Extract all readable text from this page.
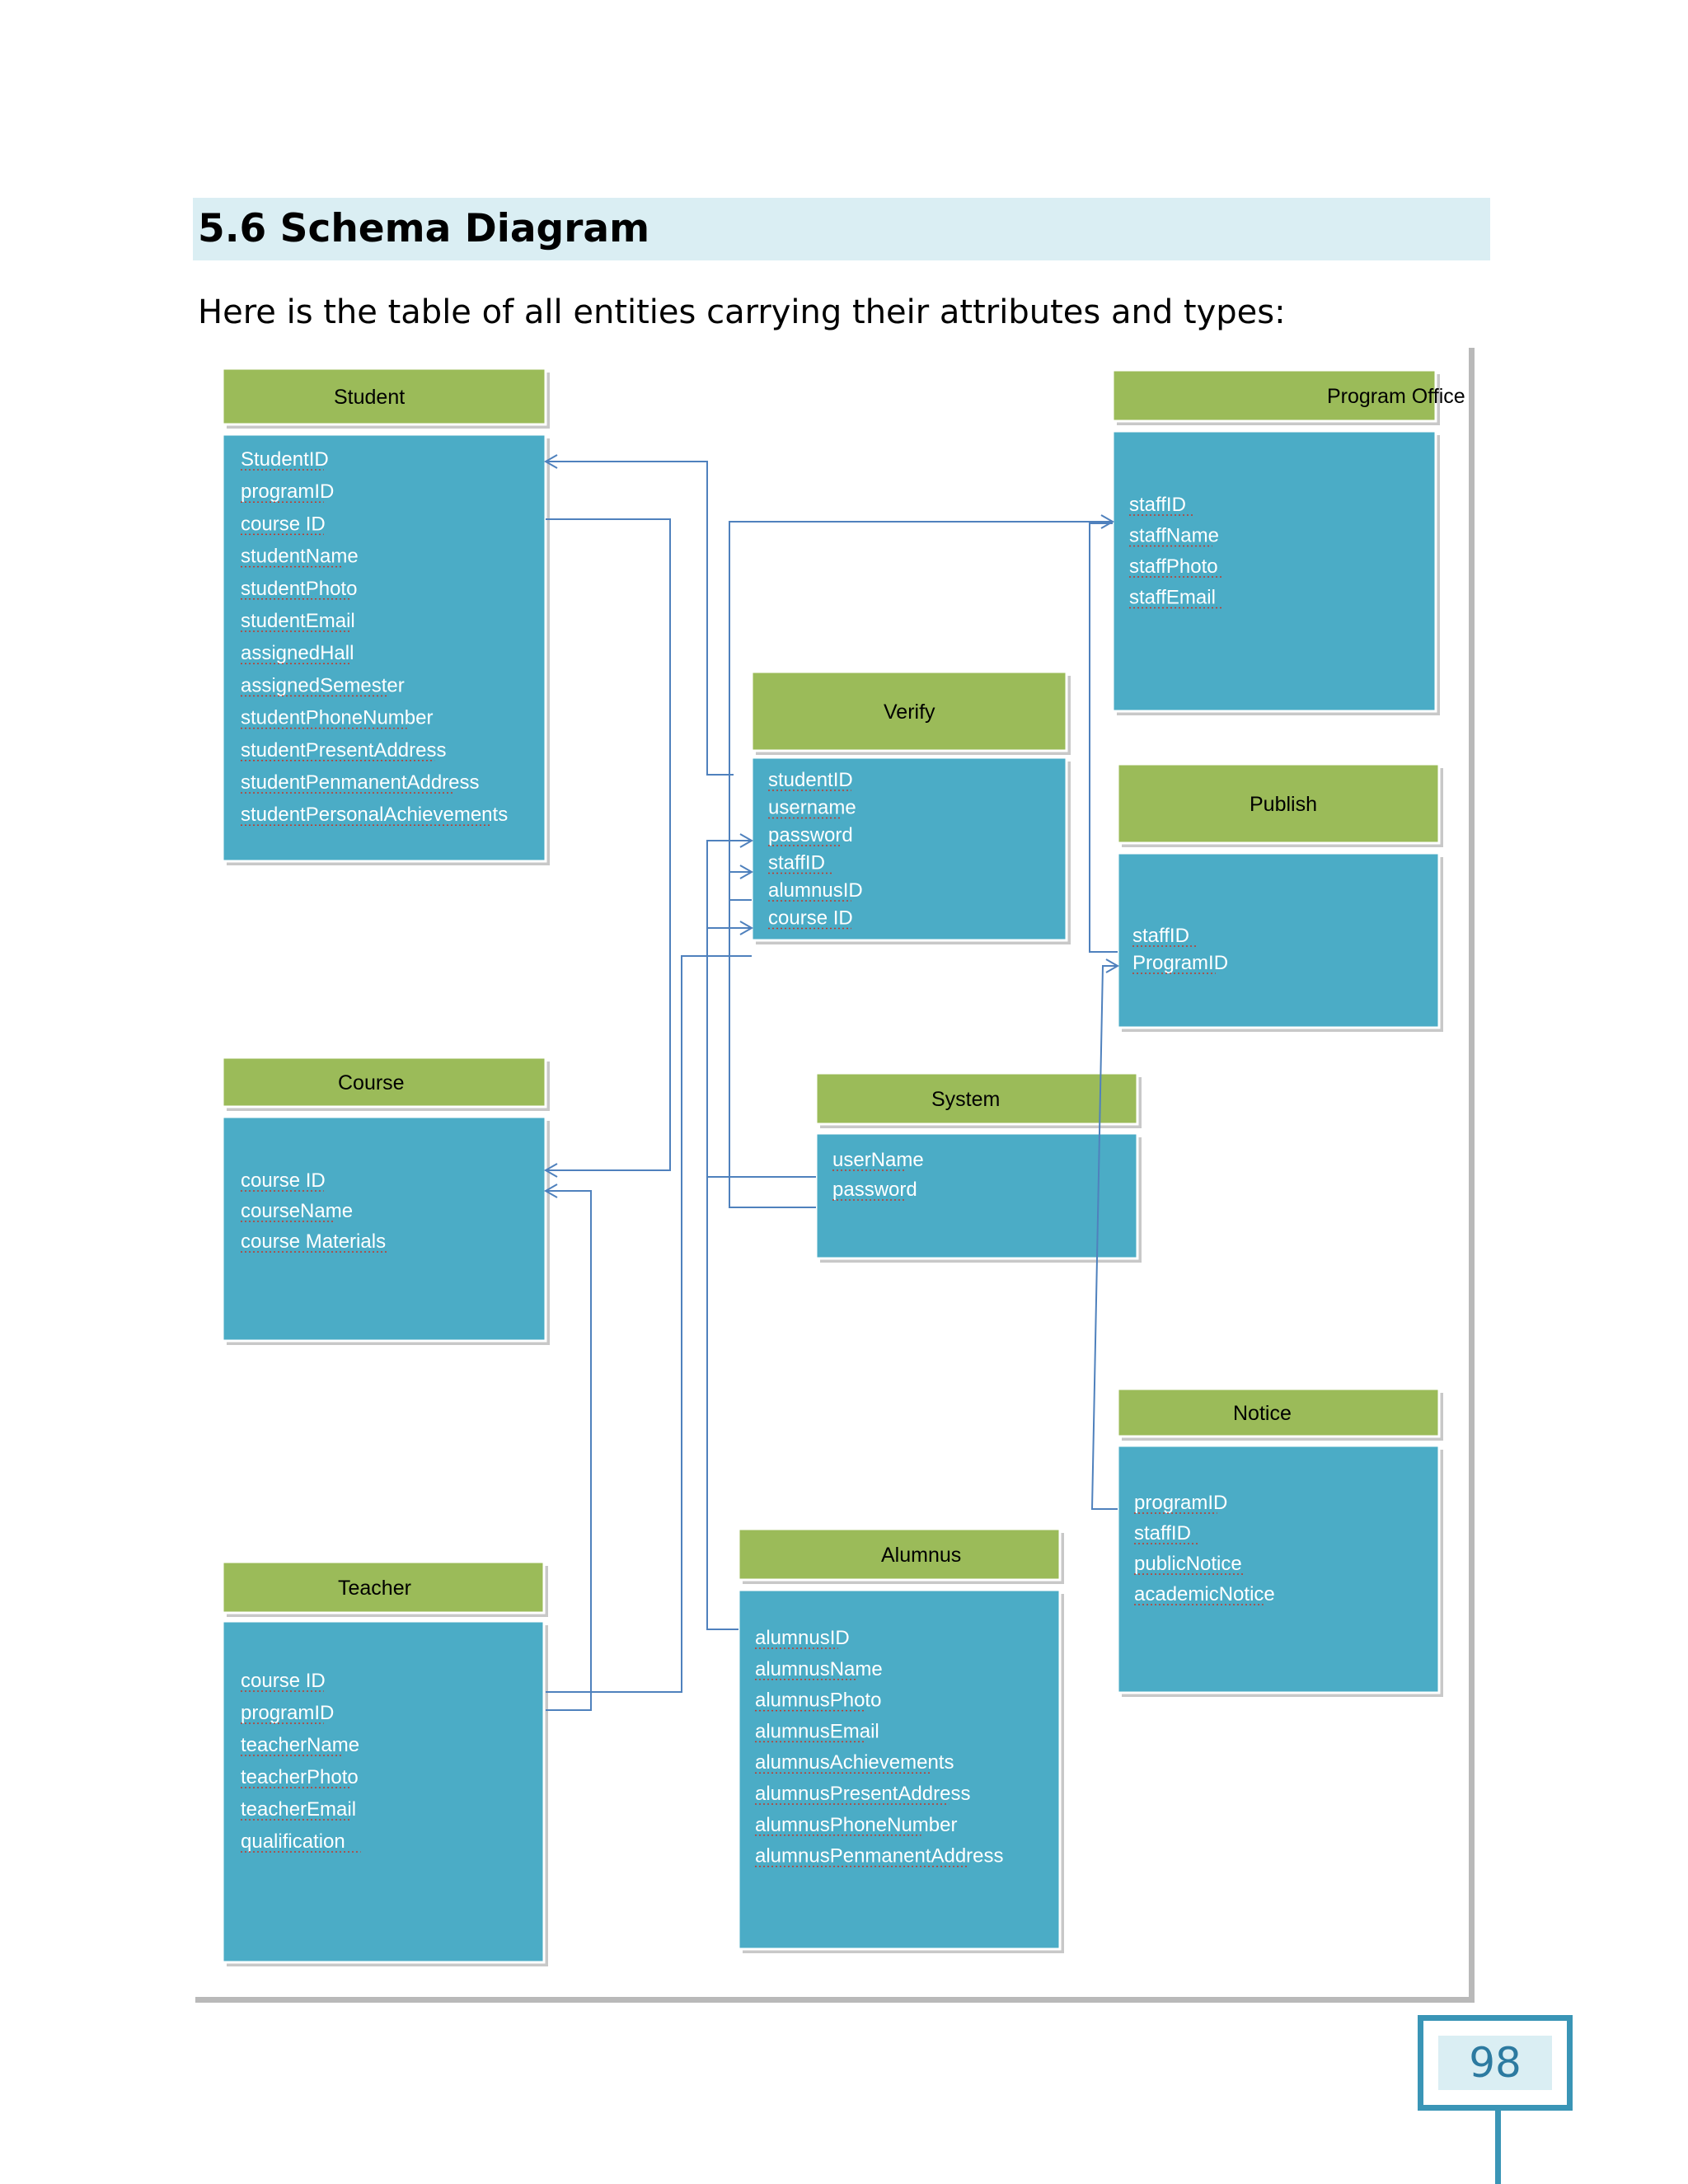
5.6 Schema Diagram

Here is the table of all entities carrying their attributes and types:

Student
StudentID
programID
course ID
studentName
studentPhoto
studentEmail
assignedHall
assignedSemester
studentPhoneNumber
studentPresentAddress
studentPenmanentAddress
studentPersonalAchievements
Program Office
staffID
staffName
staffPhoto
staffEmail
Verify
studentID
username
password
staffID
alumnusID
course ID
Publish
staffID
ProgramID
Course
course ID
courseName
course Materials
System
userName
password
Notice
programID
staffID
publicNotice
academicNotice
Teacher
course ID
programID
teacherName
teacherPhoto
teacherEmail
qualification
Alumnus
alumnusID
alumnusName
alumnusPhoto
alumnusEmail
alumnusAchievements
alumnusPresentAddress
alumnusPhoneNumber
alumnusPenmanentAddress
98
